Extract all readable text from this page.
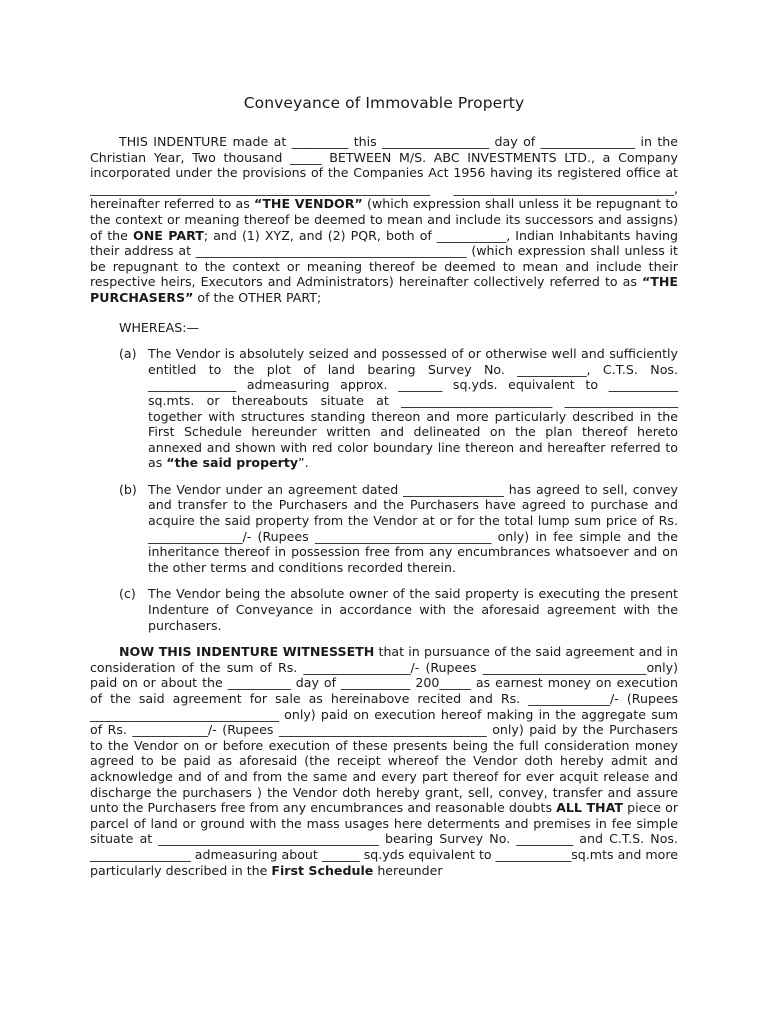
Conveyance of Immovable Property

THIS INDENTURE made at _________ this _________________ day of _______________ in the Christian Year, Two thousand _____ BETWEEN M/S. ABC INVESTMENTS LTD., a Company incorporated under the provisions of the Companies Act 1956 having its registered office at ______________________________________________________ ___________________________________, hereinafter referred to as “THE VENDOR” (which expression shall unless it be repugnant to the context or meaning thereof be deemed to mean and include its successors and assigns) of the ONE PART; and (1) XYZ, and (2) PQR, both of ___________, Indian Inhabitants having their address at ___________________________________________ (which expression shall unless it be repugnant to the context or meaning thereof be deemed to mean and include their respective heirs, Executors and Administrators) hereinafter collectively referred to as “THE PURCHASERS” of the OTHER PART;

WHEREAS:—

(a) The Vendor is absolutely seized and possessed of or otherwise well and sufficiently entitled to the plot of land bearing Survey No. ___________, C.T.S. Nos. ______________ admeasuring approx. _______ sq.yds. equivalent to ___________ sq.mts. or thereabouts situate at ________________________ __________________ together with structures standing thereon and more particularly described in the First Schedule hereunder written and delineated on the plan thereof hereto annexed and shown with red color boundary line thereon and hereafter referred to as “the said property”.
(b) The Vendor under an agreement dated ________________ has agreed to sell, convey and transfer to the Purchasers and the Purchasers have agreed to purchase and acquire the said property from the Vendor at or for the total lump sum price of Rs. _______________/- (Rupees ____________________________ only) in fee simple and the inheritance thereof in possession free from any encumbrances whatsoever and on the other terms and conditions recorded therein.
(c) The Vendor being the absolute owner of the said property is executing the present Indenture of Conveyance in accordance with the aforesaid agreement with the purchasers.

NOW THIS INDENTURE WITNESSETH that in pursuance of the said agreement and in consideration of the sum of Rs. _________________/- (Rupees __________________________only) paid on or about the __________ day of ___________ 200_____ as earnest money on execution of the said agreement for sale as hereinabove recited and Rs. _____________/- (Rupees ______________________________ only) paid on execution hereof making in the aggregate sum of Rs. ____________/- (Rupees _________________________________ only) paid by the Purchasers to the Vendor on or before execution of these presents being the full consideration money agreed to be paid as aforesaid (the receipt whereof the Vendor doth hereby admit and acknowledge and of and from the same and every part thereof for ever acquit release and discharge the purchasers ) the Vendor doth hereby grant, sell, convey, transfer and assure unto the Purchasers free from any encumbrances and reasonable doubts ALL THAT piece or parcel of land or ground with the mass usages here determents and premises in fee simple situate at ___________________________________ bearing Survey No. _________ and C.T.S. Nos. ________________ admeasuring about ______ sq.yds equivalent to ____________sq.mts and more particularly described in the First Schedule hereunder
